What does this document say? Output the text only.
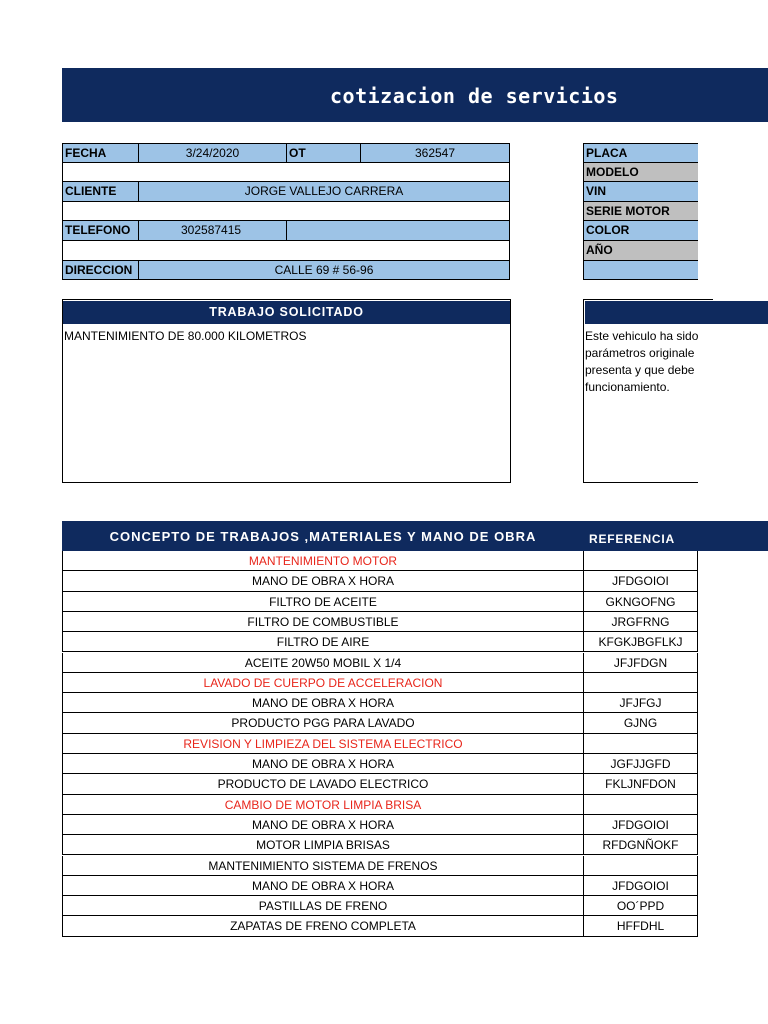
cotizacion de servicios
FECHA	3/24/2020	OT	362547
CLIENTE	JORGE VALLEJO CARRERA
TELEFONO	302587415
DIRECCION	CALLE 69 # 56-96
PLACA
MODELO
VIN
SERIE MOTOR
COLOR
AÑO
TRABAJO SOLICITADO
MANTENIMIENTO DE 80.000 KILOMETROS	Este vehiculo ha sido
parámetros originale
presenta y que debe
funcionamiento.
CONCEPTO DE TRABAJOS ,MATERIALES Y MANO DE OBRA	REFERENCIA
MANTENIMIENTO MOTOR
MANO DE OBRA X HORA	JFDGOIOI
FILTRO DE ACEITE	GKNGOFNG
FILTRO DE COMBUSTIBLE	JRGFRNG
FILTRO DE AIRE	KFGKJBGFLKJ
ACEITE 20W50 MOBIL X 1/4	JFJFDGN
LAVADO DE CUERPO DE ACCELERACION
MANO DE OBRA X HORA	JFJFGJ
PRODUCTO PGG PARA LAVADO	GJNG
REVISION Y LIMPIEZA DEL SISTEMA ELECTRICO
MANO DE OBRA X HORA	JGFJJGFD
PRODUCTO DE LAVADO ELECTRICO	FKLJNFDON
CAMBIO DE MOTOR LIMPIA BRISA
MANO DE OBRA X HORA	JFDGOIOI
MOTOR LIMPIA BRISAS	RFDGNÑOKF
MANTENIMIENTO SISTEMA DE FRENOS
MANO DE OBRA X HORA	JFDGOIOI
PASTILLAS DE FRENO	OO´PPD
ZAPATAS DE FRENO COMPLETA	HFFDHL
